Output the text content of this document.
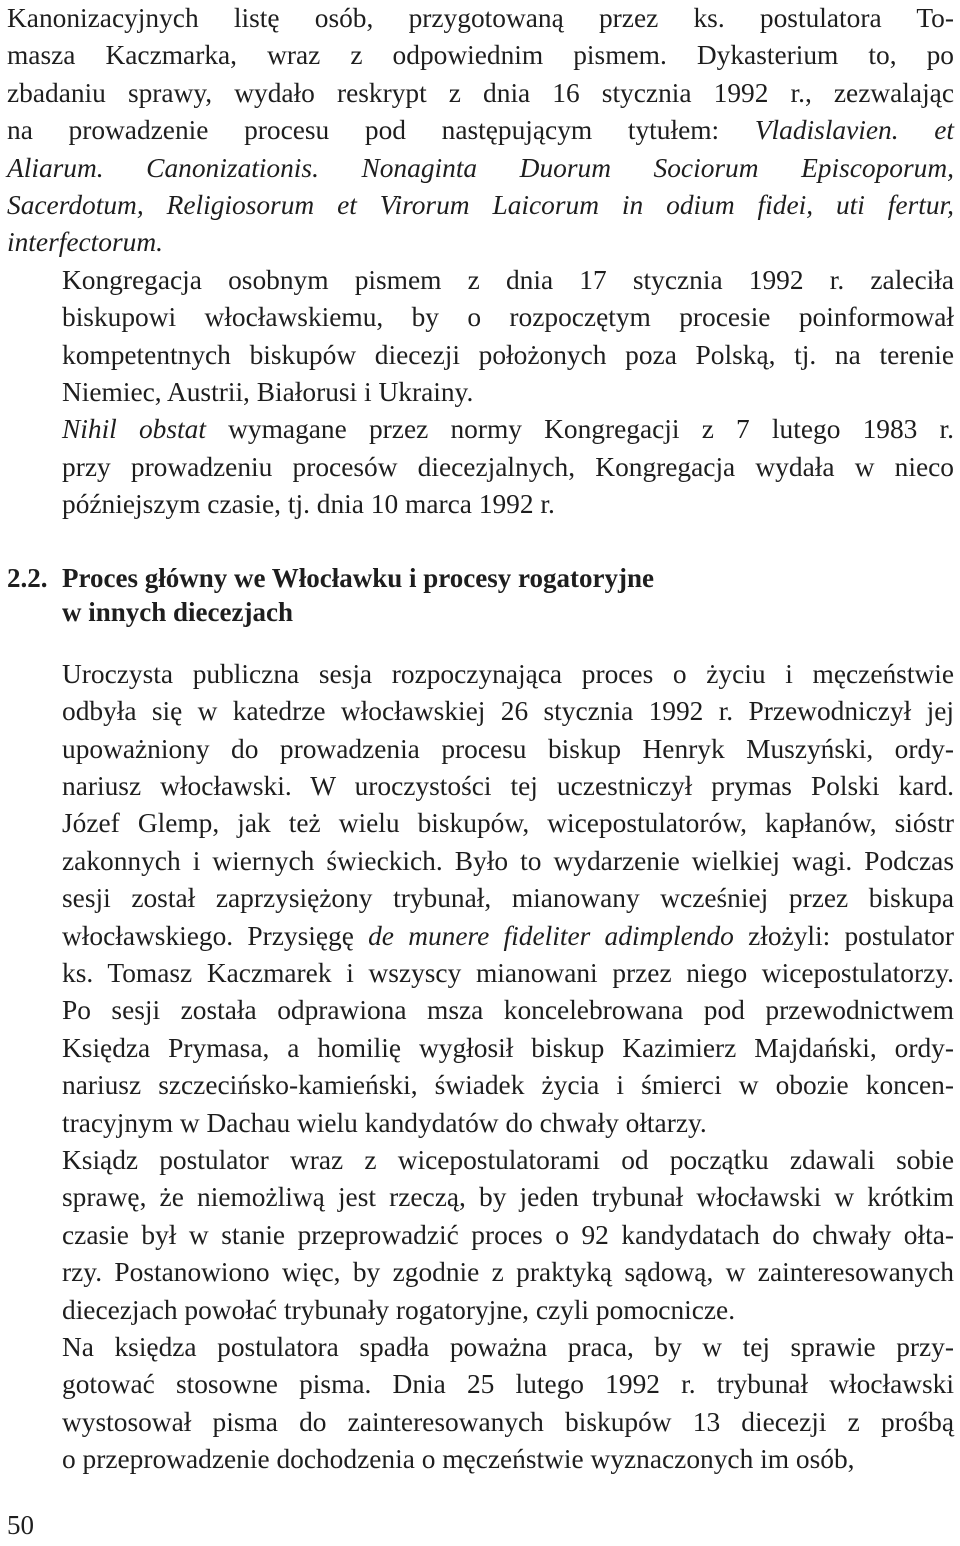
Kanonizacyjnych listę osób, przygotowaną przez ks. postulatora To-
masza Kaczmarka, wraz z odpowiednim pismem. Dykasterium to, po
zbadaniu sprawy, wydało reskrypt z dnia 16 stycznia 1992 r., zezwalając
na prowadzenie procesu pod następującym tytułem: Vladislavien. et
Aliarum. Canonizationis. Nonaginta Duorum Sociorum Episcoporum,
Sacerdotum, Religiosorum et Virorum Laicorum in odium fidei, uti fertur,
interfectorum.

Kongregacja osobnym pismem z dnia 17 stycznia 1992 r. zaleciła
biskupowi włocławskiemu, by o rozpoczętym procesie poinformował
kompetentnych biskupów diecezji położonych poza Polską, tj. na terenie
Niemiec, Austrii, Białorusi i Ukrainy.

Nihil obstat wymagane przez normy Kongregacji z 7 lutego 1983 r.
przy prowadzeniu procesów diecezjalnych, Kongregacja wydała w nieco
późniejszym czasie, tj. dnia 10 marca 1992 r.

2.2. Proces główny we Włocławku i procesy rogatoryjne
w innych diecezjach

Uroczysta publiczna sesja rozpoczynająca proces o życiu i męczeństwie
odbyła się w katedrze włocławskiej 26 stycznia 1992 r. Przewodniczył jej
upoważniony do prowadzenia procesu biskup Henryk Muszyński, ordy-
nariusz włocławski. W uroczystości tej uczestniczył prymas Polski kard.
Józef Glemp, jak też wielu biskupów, wicepostulatorów, kapłanów, sióstr
zakonnych i wiernych świeckich. Było to wydarzenie wielkiej wagi. Podczas
sesji został zaprzysiężony trybunał, mianowany wcześniej przez biskupa
włocławskiego. Przysięgę de munere fideliter adimplendo złożyli: postulator
ks. Tomasz Kaczmarek i wszyscy mianowani przez niego wicepostulatorzy.
Po sesji została odprawiona msza koncelebrowana pod przewodnictwem
Księdza Prymasa, a homilię wygłosił biskup Kazimierz Majdański, ordy-
nariusz szczecińsko-kamieński, świadek życia i śmierci w obozie koncen-
tracyjnym w Dachau wielu kandydatów do chwały ołtarzy.

Ksiądz postulator wraz z wicepostulatorami od początku zdawali sobie
sprawę, że niemożliwą jest rzeczą, by jeden trybunał włocławski w krótkim
czasie był w stanie przeprowadzić proces o 92 kandydatach do chwały ołta-
rzy. Postanowiono więc, by zgodnie z praktyką sądową, w zainteresowanych
diecezjach powołać trybunały rogatoryjne, czyli pomocnicze.

Na księdza postulatora spadła poważna praca, by w tej sprawie przy-
gotować stosowne pisma. Dnia 25 lutego 1992 r. trybunał włocławski
wystosował pisma do zainteresowanych biskupów 13 diecezji z prośbą
o przeprowadzenie dochodzenia o męczeństwie wyznaczonych im osób,

50
